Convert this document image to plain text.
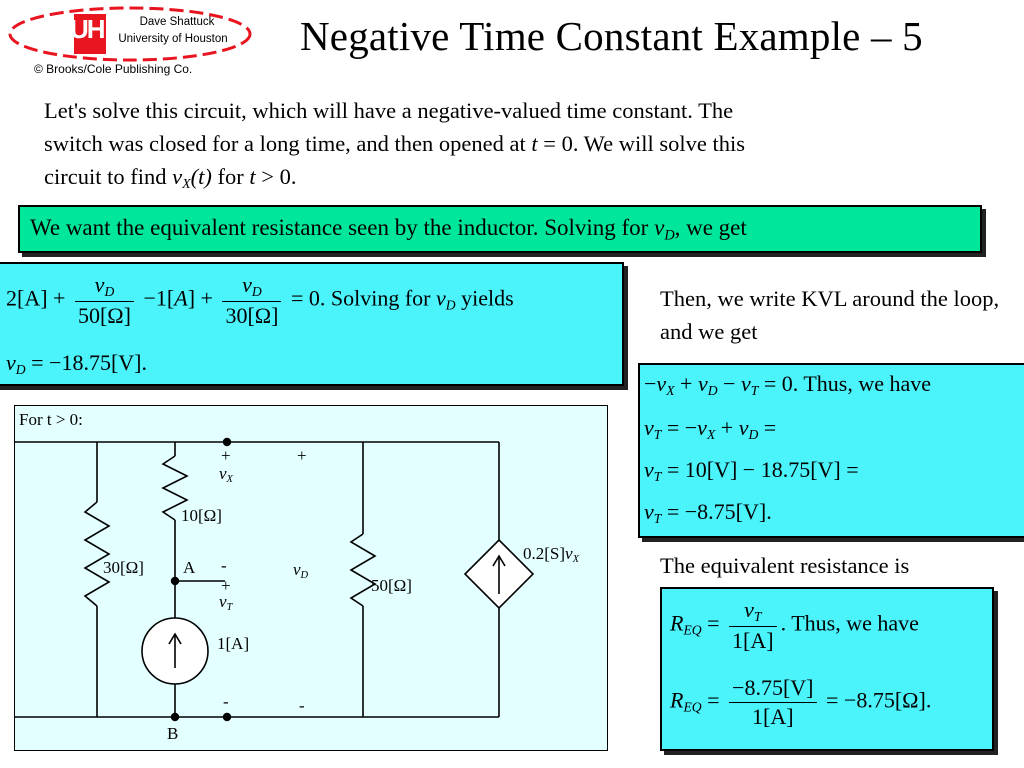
UH	Dave Shattuck
University of Houston
© Brooks/Cole Publishing Co.
Negative Time Constant Example – 5
Let's solve this circuit, which will have a negative-valued time constant. The
switch was closed for a long time, and then opened at t = 0. We will solve this
circuit to find $v_X(t)$ for t > 0.
We want the equivalent resistance seen by the inductor. Solving for $v_D$, we get
$2[A] + \frac{v_D}{50[\Omega]} -1[A] + \frac{v_D}{30[\Omega]} = 0$. Solving for $v_D$ yields
$v_D = -18.75[V]$.
Then, we write KVL around the loop, and we get
$-v_X + v_D - v_T = 0$. Thus, we have
$v_T = -v_X + v_D$ =
$v_T = 10[V] - 18.75[V]$ =
$v_T = -8.75[V]$.
The equivalent resistance is
$R_{EQ} = \frac{v_T}{1[A]}$ . Thus, we have
$R_{EQ} = \frac{-8.75[V]}{1[A]} = -8.75[\Omega]$.
For t > 0:
+	+
$v_X$
10[Ω]
30[Ω] A -
+
$v_T$
1[A]
$v_D$
50[Ω]
$0.2[S]v_X$
-	-
B
